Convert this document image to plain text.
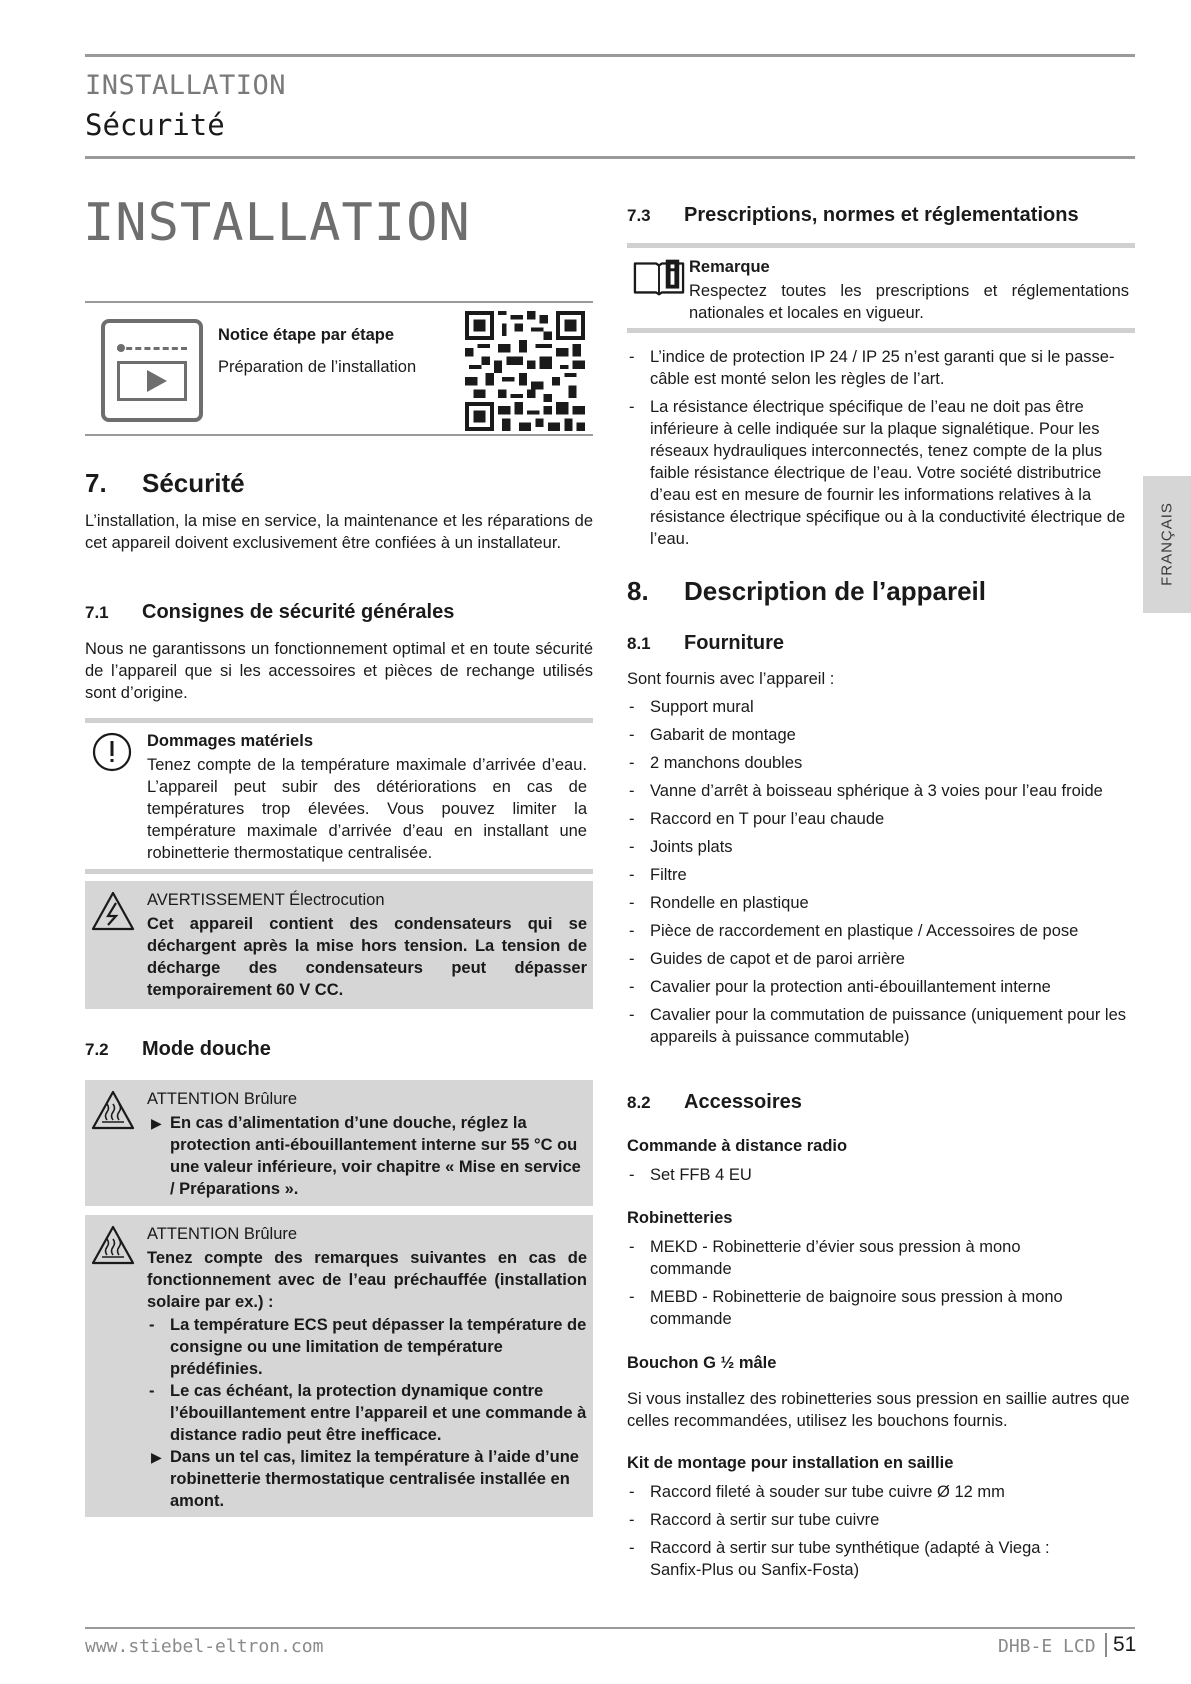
INSTALLATION
Sécurité
INSTALLATION
Notice étape par étape
Préparation de l’installation
7. Sécurité

L’installation, la mise en service, la maintenance et les réparations de cet appareil doivent exclusivement être confiées à un installateur.

7.1 Consignes de sécurité générales

Nous ne garantissons un fonctionnement optimal et en toute sécurité de l’appareil que si les accessoires et pièces de rechange utilisés sont d’origine.

Dommages matériels

Tenez compte de la température maximale d’arrivée d’eau. L’appareil peut subir des détériorations en cas de températures trop élevées. Vous pouvez limiter la température maximale d’arrivée d’eau en installant une robinetterie thermostatique centralisée.

AVERTISSEMENT Électrocution

Cet appareil contient des condensateurs qui se déchargent après la mise hors tension. La tension de décharge des condensateurs peut dépasser temporairement 60 V CC.

7.2 Mode douche
ATTENTION Brûlure
▶ En cas d’alimentation d’une douche, réglez la protection anti-ébouillantement interne sur 55 °C ou une valeur inférieure, voir chapitre « Mise en service / Préparations ».

ATTENTION Brûlure

Tenez compte des remarques suivantes en cas de fonctionnement avec de l’eau préchauffée (installation solaire par ex.) :

- La température ECS peut dépasser la température de consigne ou une limitation de température prédéfinies.
- Le cas échéant, la protection dynamique contre l’ébouillantement entre l’appareil et une commande à distance radio peut être inefficace.
▶ Dans un tel cas, limitez la température à l’aide d’une robinetterie thermostatique centralisée installée en amont.

7.3 Prescriptions, normes et réglementations
Remarque

Respectez toutes les prescriptions et réglementations nationales et locales en vigueur.

- L’indice de protection IP 24 / IP 25 n’est garanti que si le passe-câble est monté selon les règles de l’art.
- La résistance électrique spécifique de l’eau ne doit pas être inférieure à celle indiquée sur la plaque signalétique. Pour les réseaux hydrauliques interconnectés, tenez compte de la plus faible résistance électrique de l’eau. Votre société distributrice d’eau est en mesure de fournir les informations relatives à la résistance électrique spécifique ou à la conductivité électrique de l’eau.
8. Description de l’appareil
8.1 Fourniture

Sont fournis avec l’appareil :

- Support mural
- Gabarit de montage
- 2 manchons doubles
- Vanne d’arrêt à boisseau sphérique à 3 voies pour l’eau froide
- Raccord en T pour l’eau chaude
- Joints plats
- Filtre
- Rondelle en plastique
- Pièce de raccordement en plastique / Accessoires de pose
- Guides de capot et de paroi arrière
- Cavalier pour la protection anti-ébouillantement interne
- Cavalier pour la commutation de puissance (uniquement pour les appareils à puissance commutable)
8.2 Accessoires
Commande à distance radio
- Set FFB 4 EU
Robinetteries
- MEKD - Robinetterie d’évier sous pression à mono commande
- MEBD - Robinetterie de baignoire sous pression à mono commande
Bouchon G ½ mâle

Si vous installez des robinetteries sous pression en saillie autres que celles recommandées, utilisez les bouchons fournis.

Kit de montage pour installation en saillie
- Raccord fileté à souder sur tube cuivre Ø 12 mm
- Raccord à sertir sur tube cuivre
- Raccord à sertir sur tube synthétique (adapté à Viega : Sanfix-Plus ou Sanfix-Fosta)
FRANÇAIS
www.stiebel-eltron.com	DHB-E LCD 51
